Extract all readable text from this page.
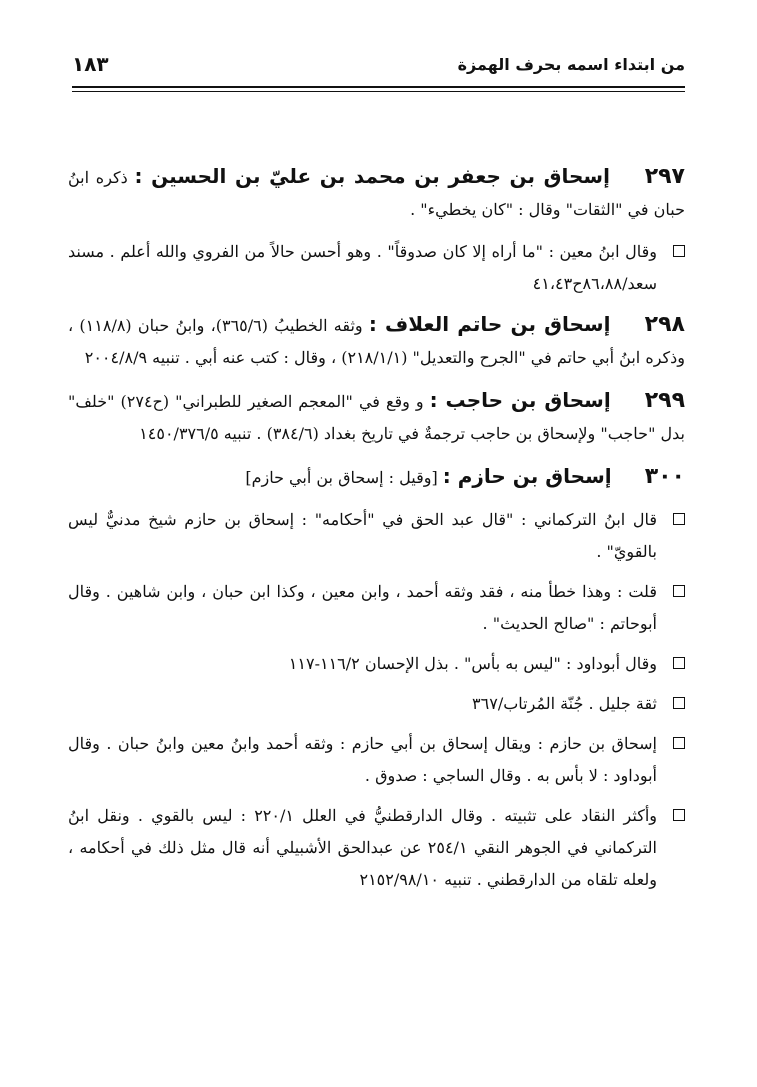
من ابتداء اسمه بحرف الهمزة
١٨٣
٢٩٧ إسحاق بن جعفر بن محمد بن عليّ بن الحسين : ذكره ابنُ حبان في "الثقات" وقال : "كان يخطيء" .
وقال ابنُ معين : "ما أراه إلا كان صدوقاً" . وهو أحسن حالاً من الفروي والله أعلم . مسند سعد/٨٦،٨٨ح٤١،٤٣
٢٩٨ إسحاق بن حاتم العلاف : وثقه الخطيبُ (٣٦٥/٦)، وابنُ حبان (١١٨/٨) ، وذكره ابنُ أبي حاتم في "الجرح والتعديل" (٢١٨/١/١) ، وقال : كتب عنه أبي . تنبيه ٢٠٠٤/٨/٩
٢٩٩ إسحاق بن حاجب : و وقع في "المعجم الصغير للطبراني" (ح٢٧٤) "خلف" بدل "حاجب" ولإسحاق بن حاجب ترجمةٌ في تاريخ بغداد (٣٨٤/٦) . تنبيه ١٤٥٠/٣٧٦/٥
٣٠٠ إسحاق بن حازم : [وقيل : إسحاق بن أبي حازم]
قال ابنُ التركماني : "قال عبد الحق في "أحكامه" : إسحاق بن حازم شيخ مدنيٌّ ليس بالقويّ" .
قلت : وهذا خطأ منه ، فقد وثقه أحمد ، وابن معين ، وكذا ابن حبان ، وابن شاهين . وقال أبوحاتم : "صالح الحديث" .
وقال أبوداود : "ليس به بأس" . بذل الإحسان ١١٦/٢-١١٧
ثقة جليل . جُنّة المُرتاب/٣٦٧
إسحاق بن حازم : ويقال إسحاق بن أبي حازم : وثقه أحمد وابنُ معين وابنُ حبان . وقال أبوداود : لا بأس به . وقال الساجي : صدوق .
وأكثر النقاد على تثبيته . وقال الدارقطنيُّ في العلل ٢٢٠/١ : ليس بالقوي . ونقل ابنُ التركماني في الجوهر النقي ٢٥٤/١ عن عبدالحق الأشبيلي أنه قال مثل ذلك في أحكامه ، ولعله تلقاه من الدارقطني . تنبيه ٢١٥٢/٩٨/١٠
